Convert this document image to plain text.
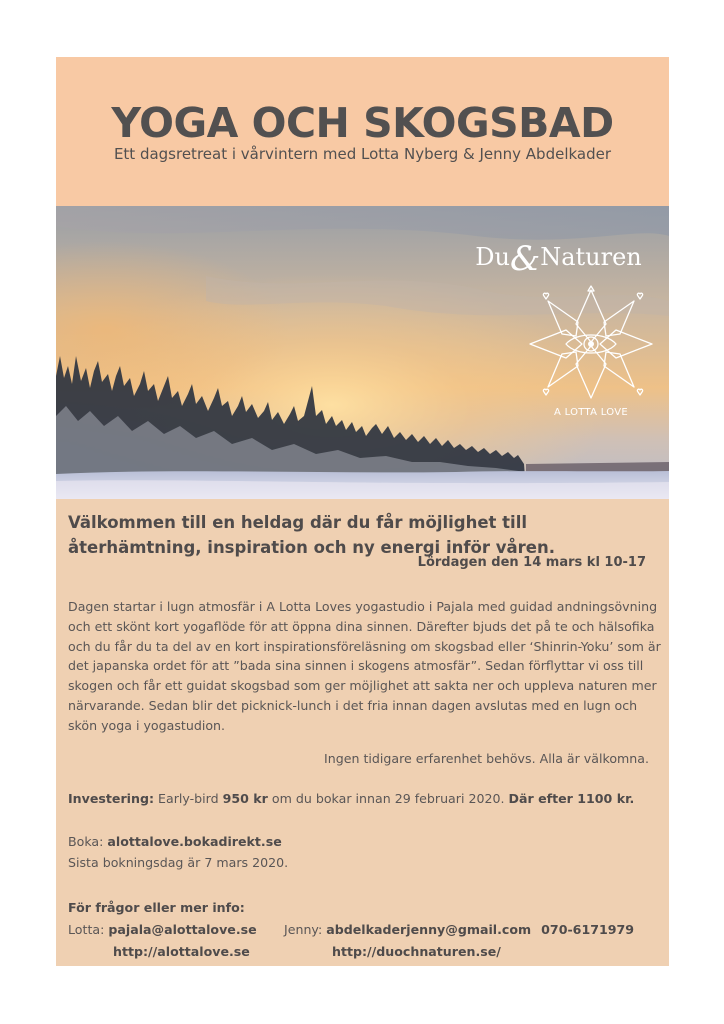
YOGA OCH SKOGSBAD
Ett dagsretreat i vårvintern med Lotta Nyberg & Jenny Abdelkader
Du&Naturen
A LOTTA LOVE
Välkommen till en heldag där du får möjlighet till återhämtning, inspiration och ny energi inför våren.
Lördagen den 14 mars kl 10-17
Dagen startar i lugn atmosfär i A Lotta Loves yogastudio i Pajala med guidad andningsövning och ett skönt kort yogaflöde för att öppna dina sinnen. Därefter bjuds det på te och hälsofika och du får du ta del av en kort inspirationsföreläsning om skogsbad eller ‘Shinrin-Yoku’ som är det japanska ordet för att ”bada sina sinnen i skogens atmosfär”. Sedan förflyttar vi oss till skogen och får ett guidat skogsbad som ger möjlighet att sakta ner och uppleva naturen mer närvarande. Sedan blir det picknick-lunch i det fria innan dagen avslutas med en lugn och skön yoga i yogastudion.
Ingen tidigare erfarenhet behövs. Alla är välkomna.
Investering: Early-bird 950 kr om du bokar innan 29 februari 2020. Där efter 1100 kr.
Boka: alottalove.bokadirekt.se
Sista bokningsdag är 7 mars 2020.
För frågor eller mer info:
Lotta: pajala@alottalove.se Jenny: abdelkaderjenny@gmail.com 070-6171979
http://alottalove.se	http://duochnaturen.se/
